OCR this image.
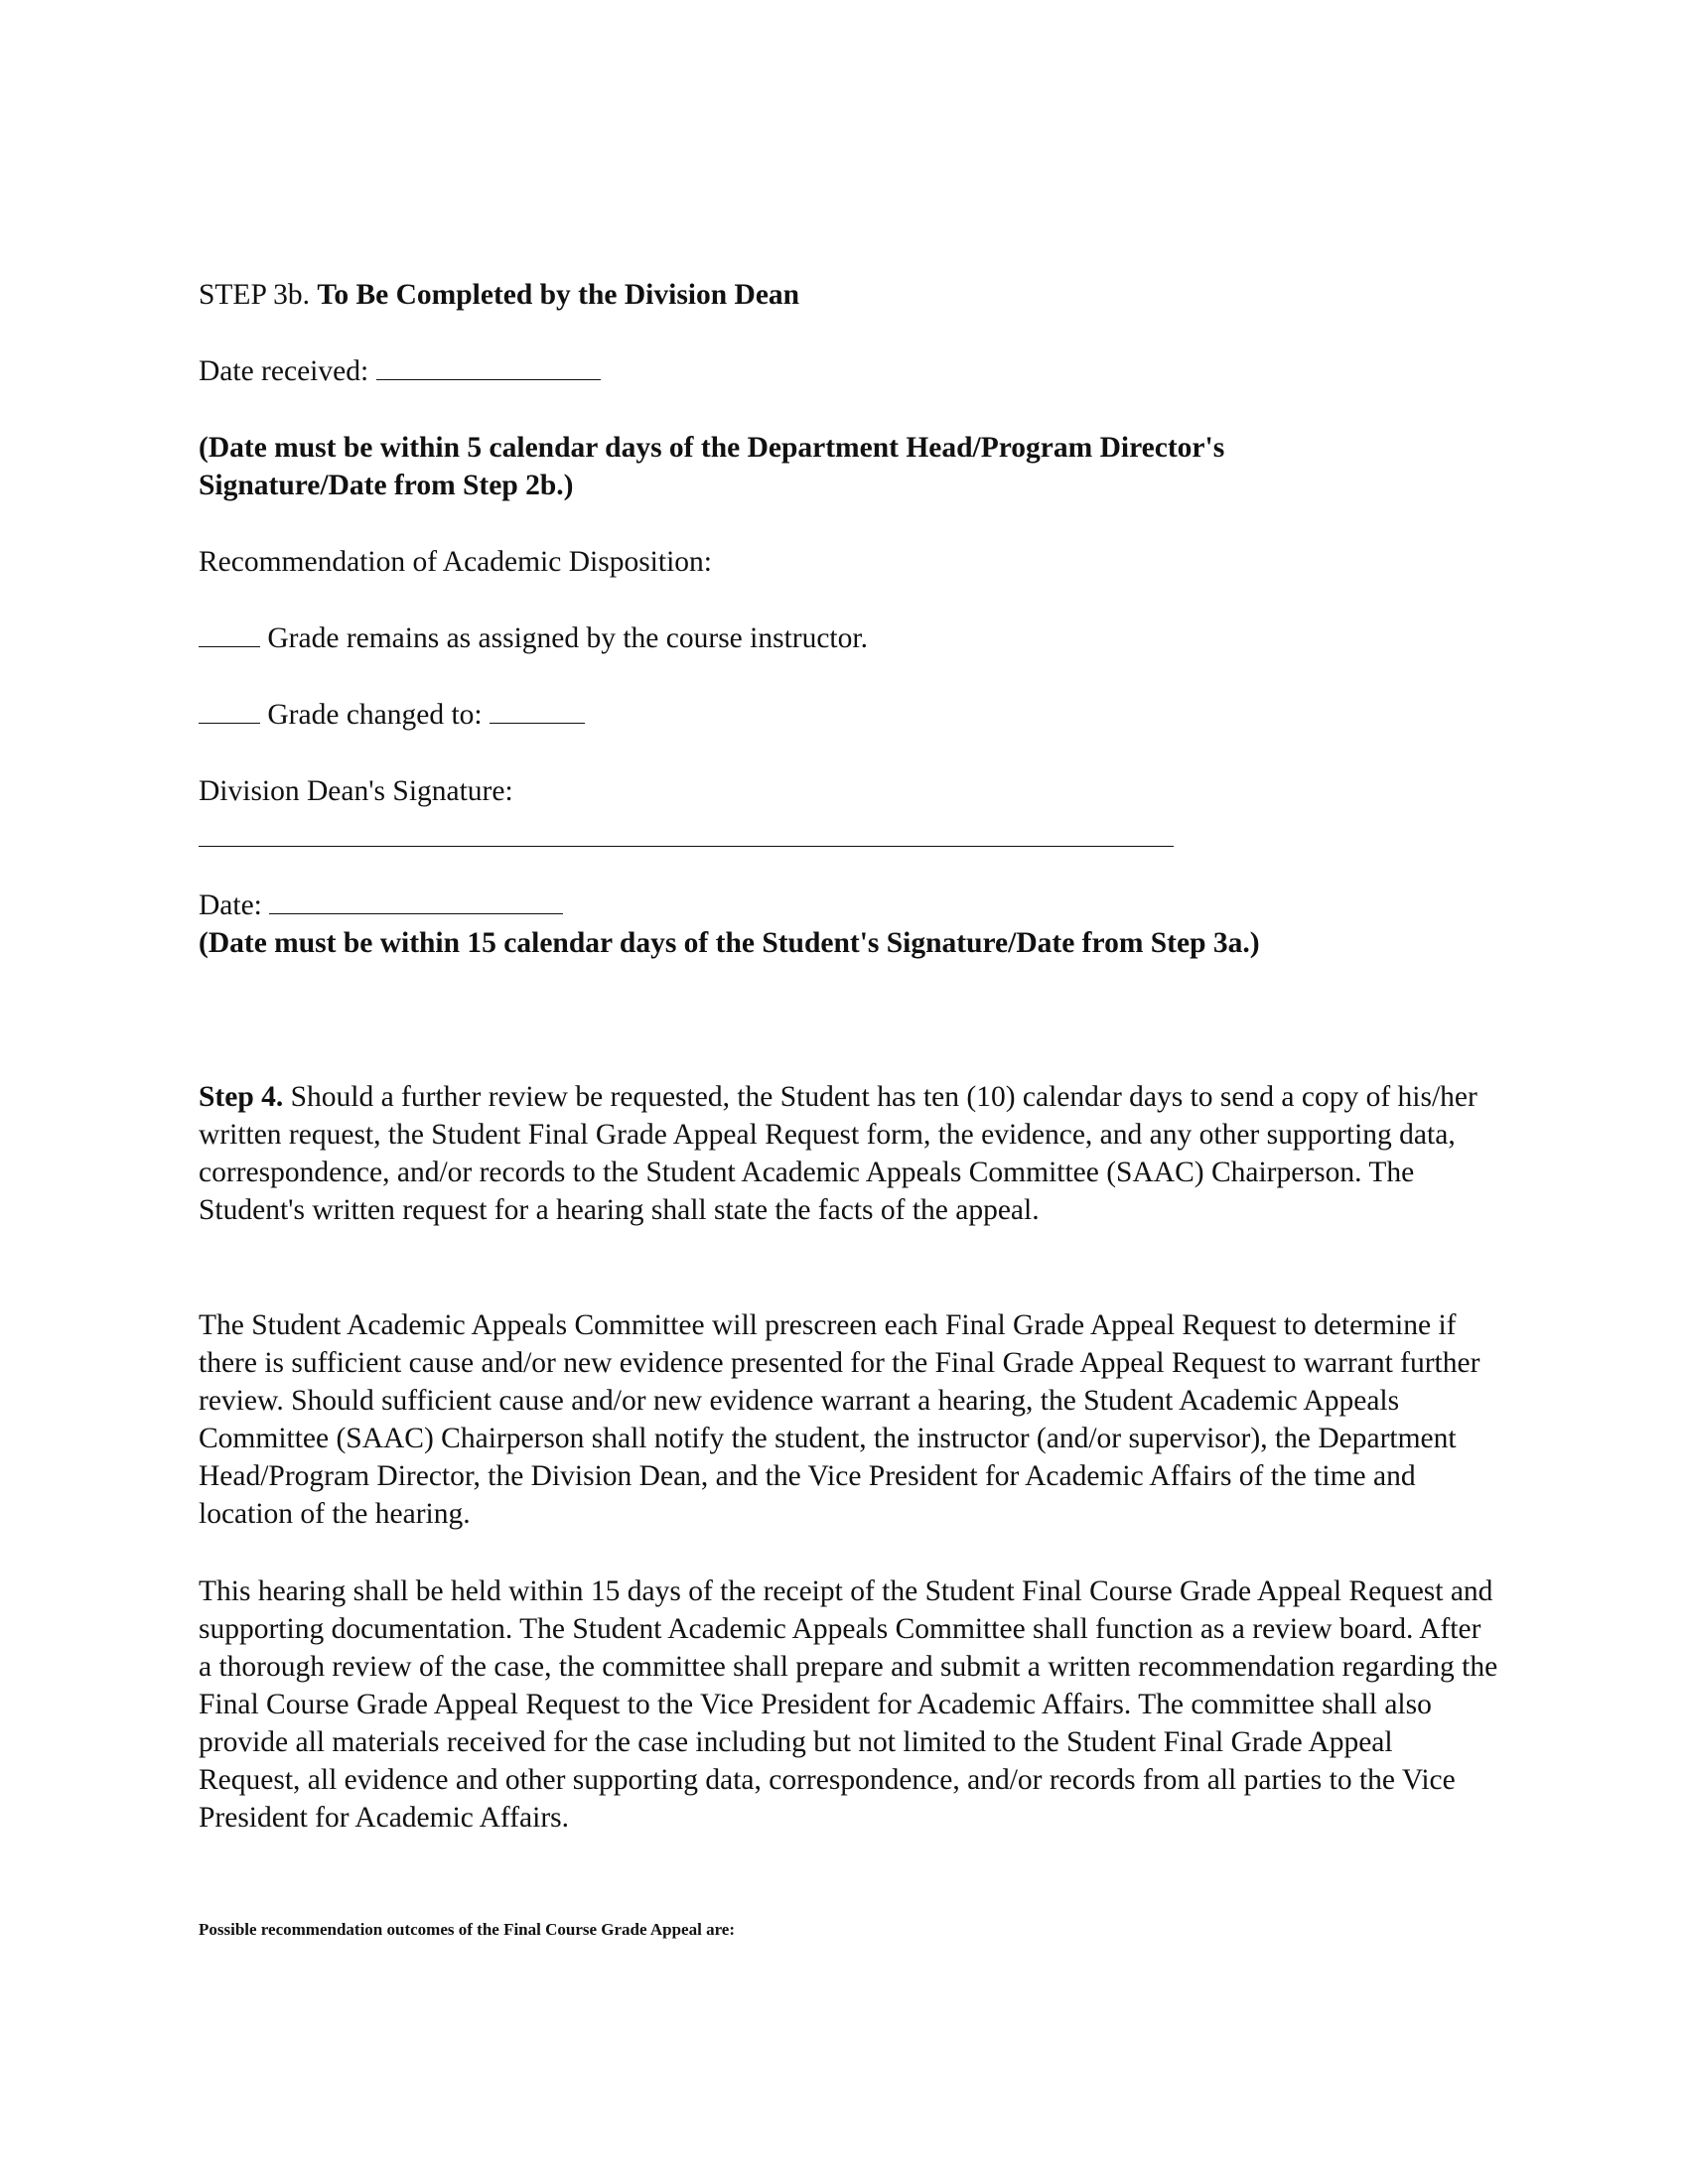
STEP 3b. To Be Completed by the Division Dean
Date received:
(Date must be within 5 calendar days of the Department Head/Program Director's
Signature/Date from Step 2b.)
Recommendation of Academic Disposition:
Grade remains as assigned by the course instructor.
Grade changed to:
Division Dean's Signature:
Date:
(Date must be within 15 calendar days of the Student's Signature/Date from Step 3a.)
Step 4. Should a further review be requested, the Student has ten (10) calendar days to send a copy of his/her written request, the Student Final Grade Appeal Request form, the evidence, and any other supporting data, correspondence, and/or records to the Student Academic Appeals Committee (SAAC) Chairperson. The Student's written request for a hearing shall state the facts of the appeal.
The Student Academic Appeals Committee will prescreen each Final Grade Appeal Request to determine if there is sufficient cause and/or new evidence presented for the Final Grade Appeal Request to warrant further review. Should sufficient cause and/or new evidence warrant a hearing, the Student Academic Appeals Committee (SAAC) Chairperson shall notify the student, the instructor (and/or supervisor), the Department Head/Program Director, the Division Dean, and the Vice President for Academic Affairs of the time and location of the hearing.
This hearing shall be held within 15 days of the receipt of the Student Final Course Grade Appeal Request and supporting documentation. The Student Academic Appeals Committee shall function as a review board. After a thorough review of the case, the committee shall prepare and submit a written recommendation regarding the Final Course Grade Appeal Request to the Vice President for Academic Affairs. The committee shall also provide all materials received for the case including but not limited to the Student Final Grade Appeal Request, all evidence and other supporting data, correspondence, and/or records from all parties to the Vice President for Academic Affairs.
Possible recommendation outcomes of the Final Course Grade Appeal are:
